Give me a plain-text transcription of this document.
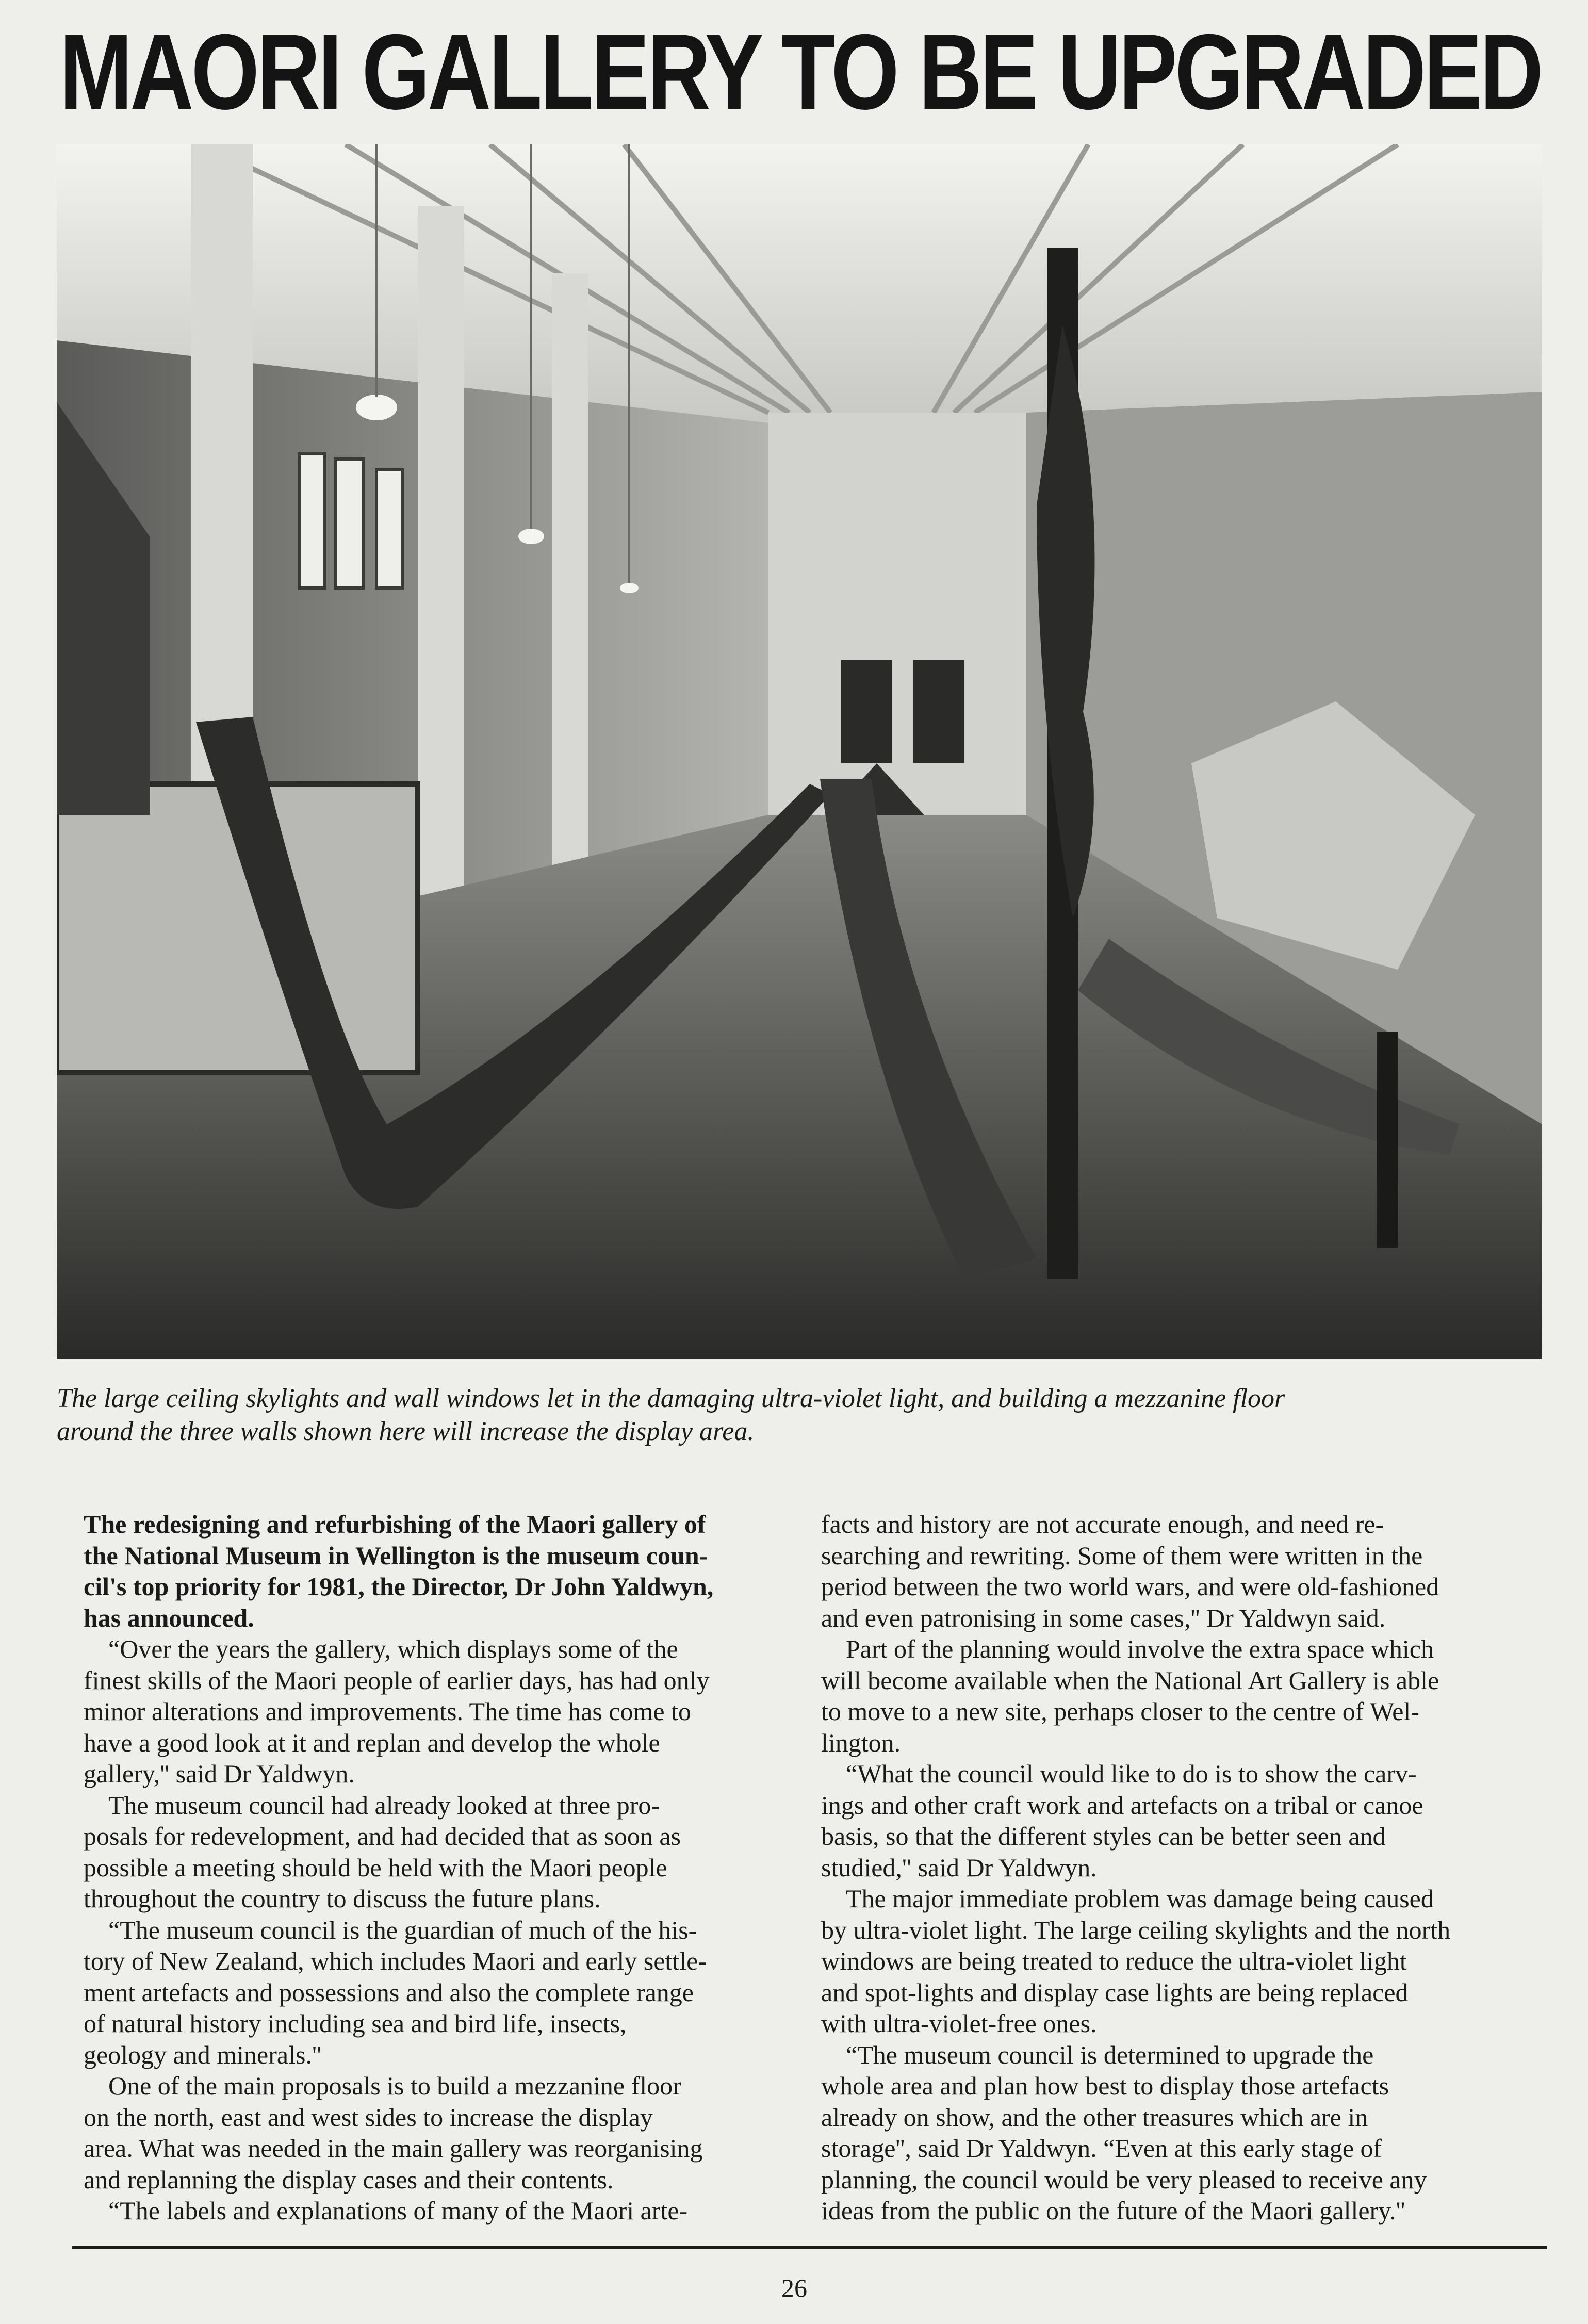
MAORI GALLERY TO BE UPGRADED
The large ceiling skylights and wall windows let in the damaging ultra-violet light, and building a mezzanine floor
around the three walls shown here will increase the display area.
The redesigning and refurbishing of the Maori gallery of
the National Museum in Wellington is the museum coun-
cil's top priority for 1981, the Director, Dr John Yaldwyn,
has announced.
“Over the years the gallery, which displays some of the
finest skills of the Maori people of earlier days, has had only
minor alterations and improvements. The time has come to
have a good look at it and replan and develop the whole
gallery,'' said Dr Yaldwyn.
The museum council had already looked at three pro-
posals for redevelopment, and had decided that as soon as
possible a meeting should be held with the Maori people
throughout the country to discuss the future plans.
“The museum council is the guardian of much of the his-
tory of New Zealand, which includes Maori and early settle-
ment artefacts and possessions and also the complete range
of natural history including sea and bird life, insects,
geology and minerals.''
One of the main proposals is to build a mezzanine floor
on the north, east and west sides to increase the display
area. What was needed in the main gallery was reorganising
and replanning the display cases and their contents.
“The labels and explanations of many of the Maori arte-
facts and history are not accurate enough, and need re-
searching and rewriting. Some of them were written in the
period between the two world wars, and were old-fashioned
and even patronising in some cases,'' Dr Yaldwyn said.
Part of the planning would involve the extra space which
will become available when the National Art Gallery is able
to move to a new site, perhaps closer to the centre of Wel-
lington.
“What the council would like to do is to show the carv-
ings and other craft work and artefacts on a tribal or canoe
basis, so that the different styles can be better seen and
studied,'' said Dr Yaldwyn.
The major immediate problem was damage being caused
by ultra-violet light. The large ceiling skylights and the north
windows are being treated to reduce the ultra-violet light
and spot-lights and display case lights are being replaced
with ultra-violet-free ones.
“The museum council is determined to upgrade the
whole area and plan how best to display those artefacts
already on show, and the other treasures which are in
storage'', said Dr Yaldwyn. “Even at this early stage of
planning, the council would be very pleased to receive any
ideas from the public on the future of the Maori gallery.''
26
